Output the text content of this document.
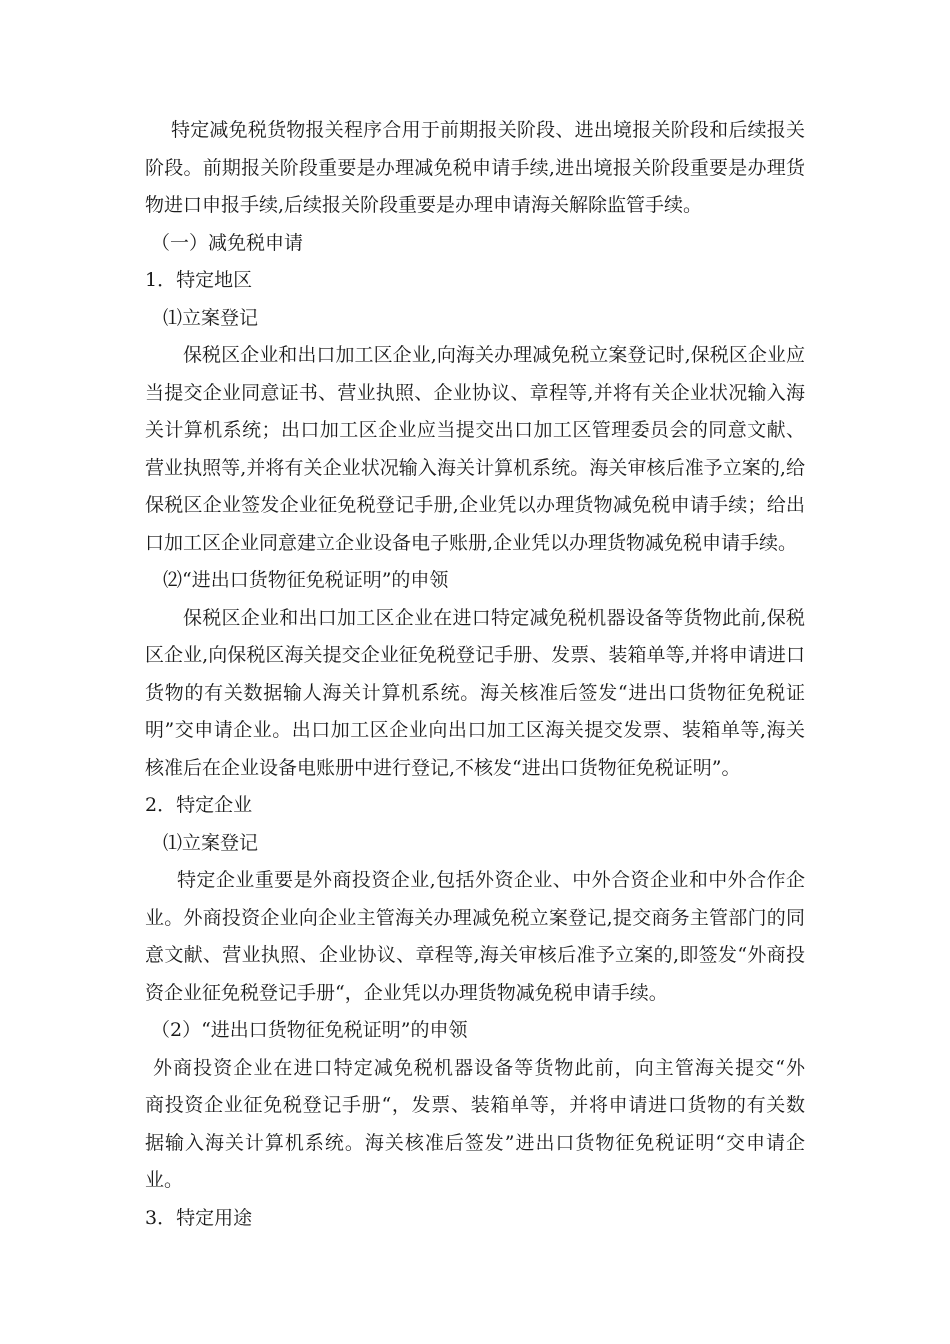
特定减免税货物报关程序合用于前期报关阶段、进出境报关阶段和后续报关
阶段。前期报关阶段重要是办理减免税申请手续,进出境报关阶段重要是办理货
物进口申报手续,后续报关阶段重要是办理申请海关解除监管手续。
（一）减免税申请
1．特定地区
⑴立案登记
保税区企业和出口加工区企业,向海关办理减免税立案登记时,保税区企业应
当提交企业同意证书、营业执照、企业协议、章程等,并将有关企业状况输入海
关计算机系统；出口加工区企业应当提交出口加工区管理委员会的同意文献、
营业执照等,并将有关企业状况输入海关计算机系统。海关审核后准予立案的,给
保税区企业签发企业征免税登记手册,企业凭以办理货物减免税申请手续；给出
口加工区企业同意建立企业设备电子账册,企业凭以办理货物减免税申请手续。
⑵“进出口货物征免税证明”的申领
保税区企业和出口加工区企业在进口特定减免税机器设备等货物此前,保税
区企业,向保税区海关提交企业征免税登记手册、发票、装箱单等,并将申请进口
货物的有关数据输人海关计算机系统。海关核准后签发“进出口货物征免税证
明”交申请企业。出口加工区企业向出口加工区海关提交发票、装箱单等,海关
核准后在企业设备电账册中进行登记,不核发“进出口货物征免税证明”。
2．特定企业
⑴立案登记
特定企业重要是外商投资企业,包括外资企业、中外合资企业和中外合作企
业。外商投资企业向企业主管海关办理减免税立案登记,提交商务主管部门的同
意文献、营业执照、企业协议、章程等,海关审核后准予立案的,即签发“外商投
资企业征免税登记手册“，企业凭以办理货物减免税申请手续。
（2）“进出口货物征免税证明”的申领
外商投资企业在进口特定减免税机器设备等货物此前，向主管海关提交“外
商投资企业征免税登记手册“，发票、装箱单等，并将申请进口货物的有关数
据输入海关计算机系统。海关核准后签发”进出口货物征免税证明“交申请企
业。
3．特定用途
